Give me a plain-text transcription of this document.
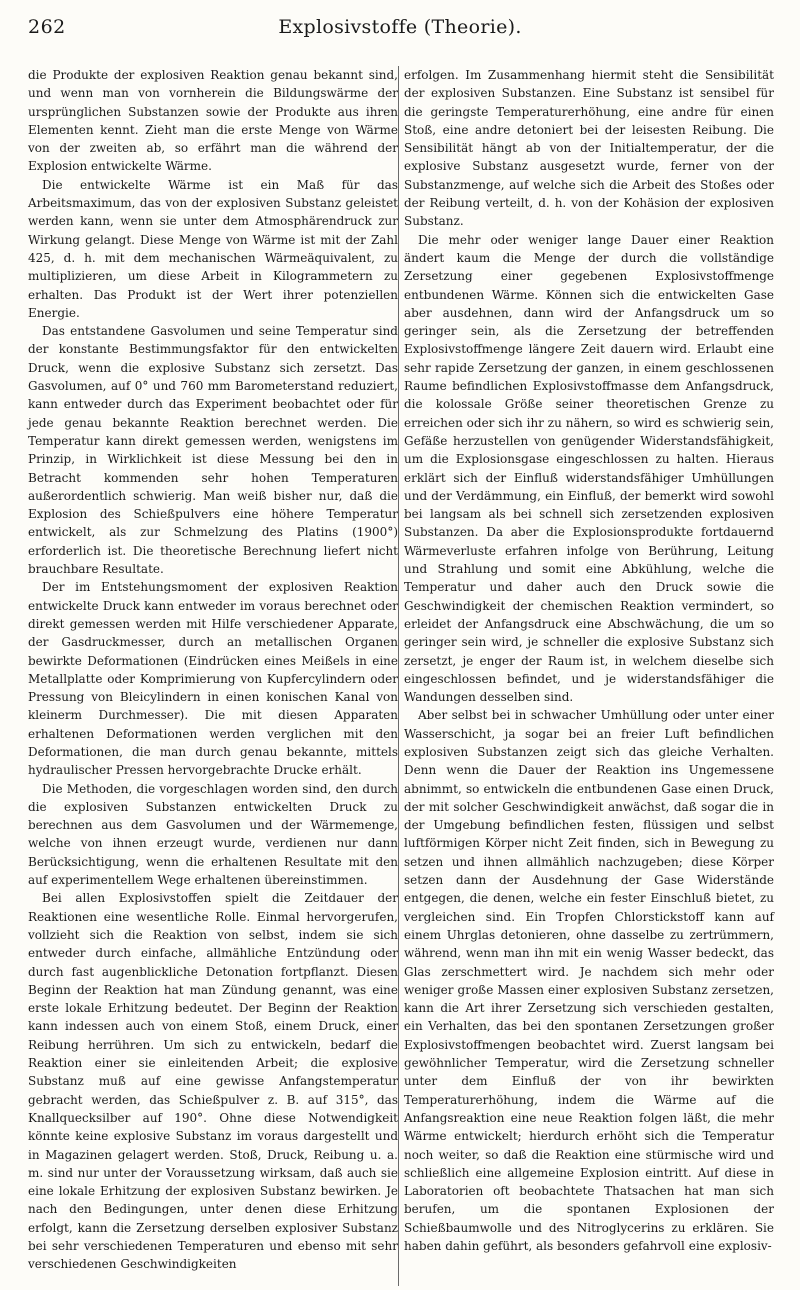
262	Explosivstoffe (Theorie).

die Produkte der explosiven Reaktion genau bekannt sind, und wenn man von vornherein die Bildungswärme der ursprünglichen Substanzen sowie der Produkte aus ihren Elementen kennt. Zieht man die erste Menge von Wärme von der zweiten ab, so erfährt man die während der Explosion entwickelte Wärme.

Die entwickelte Wärme ist ein Maß für das Arbeitsmaximum, das von der explosiven Substanz geleistet werden kann, wenn sie unter dem Atmosphärendruck zur Wirkung gelangt. Diese Menge von Wärme ist mit der Zahl 425, d. h. mit dem mechanischen Wärmeäquivalent, zu multiplizieren, um diese Arbeit in Kilogrammetern zu erhalten. Das Produkt ist der Wert ihrer potenziellen Energie.

Das entstandene Gasvolumen und seine Temperatur sind der konstante Bestimmungsfaktor für den entwickelten Druck, wenn die explosive Substanz sich zersetzt. Das Gasvolumen, auf 0° und 760 mm Barometerstand reduziert, kann entweder durch das Experiment beobachtet oder für jede genau bekannte Reaktion berechnet werden. Die Temperatur kann direkt gemessen werden, wenigstens im Prinzip, in Wirklichkeit ist diese Messung bei den in Betracht kommenden sehr hohen Temperaturen außerordentlich schwierig. Man weiß bisher nur, daß die Explosion des Schießpulvers eine höhere Temperatur entwickelt, als zur Schmelzung des Platins (1900°) erforderlich ist. Die theoretische Berechnung liefert nicht brauchbare Resultate.

Der im Entstehungsmoment der explosiven Reaktion entwickelte Druck kann entweder im voraus berechnet oder direkt gemessen werden mit Hilfe verschiedener Apparate, der Gasdruckmesser, durch an metallischen Organen bewirkte Deformationen (Eindrücken eines Meißels in eine Metallplatte oder Komprimierung von Kupfercylindern oder Pressung von Bleicylindern in einen konischen Kanal von kleinerm Durchmesser). Die mit diesen Apparaten erhaltenen Deformationen werden verglichen mit den Deformationen, die man durch genau bekannte, mittels hydraulischer Pressen hervorgebrachte Drucke erhält.

Die Methoden, die vorgeschlagen worden sind, den durch die explosiven Substanzen entwickelten Druck zu berechnen aus dem Gasvolumen und der Wärmemenge, welche von ihnen erzeugt wurde, verdienen nur dann Berücksichtigung, wenn die erhaltenen Resultate mit den auf experimentellem Wege erhaltenen übereinstimmen.

Bei allen Explosivstoffen spielt die Zeitdauer der Reaktionen eine wesentliche Rolle. Einmal hervorgerufen, vollzieht sich die Reaktion von selbst, indem sie sich entweder durch einfache, allmähliche Entzündung oder durch fast augenblickliche Detonation fortpflanzt. Diesen Beginn der Reaktion hat man Zündung genannt, was eine erste lokale Erhitzung bedeutet. Der Beginn der Reaktion kann indessen auch von einem Stoß, einem Druck, einer Reibung herrühren. Um sich zu entwickeln, bedarf die Reaktion einer sie einleitenden Arbeit; die explosive Substanz muß auf eine gewisse Anfangstemperatur gebracht werden, das Schießpulver z. B. auf 315°, das Knallquecksilber auf 190°. Ohne diese Notwendigkeit könnte keine explosive Substanz im voraus dargestellt und in Magazinen gelagert werden. Stoß, Druck, Reibung u. a. m. sind nur unter der Voraussetzung wirksam, daß auch sie eine lokale Erhitzung der explosiven Substanz bewirken. Je nach den Bedingungen, unter denen diese Erhitzung erfolgt, kann die Zersetzung derselben explosiver Substanz bei sehr verschiedenen Temperaturen und ebenso mit sehr verschiedenen Geschwindigkeiten

erfolgen. Im Zusammenhang hiermit steht die Sensibilität der explosiven Substanzen. Eine Substanz ist sensibel für die geringste Temperaturerhöhung, eine andre für einen Stoß, eine andre detoniert bei der leisesten Reibung. Die Sensibilität hängt ab von der Initialtemperatur, der die explosive Substanz ausgesetzt wurde, ferner von der Substanzmenge, auf welche sich die Arbeit des Stoßes oder der Reibung verteilt, d. h. von der Kohäsion der explosiven Substanz.

Die mehr oder weniger lange Dauer einer Reaktion ändert kaum die Menge der durch die vollständige Zersetzung einer gegebenen Explosivstoffmenge entbundenen Wärme. Können sich die entwickelten Gase aber ausdehnen, dann wird der Anfangsdruck um so geringer sein, als die Zersetzung der betreffenden Explosivstoffmenge längere Zeit dauern wird. Erlaubt eine sehr rapide Zersetzung der ganzen, in einem geschlossenen Raume befindlichen Explosivstoffmasse dem Anfangsdruck, die kolossale Größe seiner theoretischen Grenze zu erreichen oder sich ihr zu nähern, so wird es schwierig sein, Gefäße herzustellen von genügender Widerstandsfähigkeit, um die Explosionsgase eingeschlossen zu halten. Hieraus erklärt sich der Einfluß widerstandsfähiger Umhüllungen und der Verdämmung, ein Einfluß, der bemerkt wird sowohl bei langsam als bei schnell sich zersetzenden explosiven Substanzen. Da aber die Explosionsprodukte fortdauernd Wärmeverluste erfahren infolge von Berührung, Leitung und Strahlung und somit eine Abkühlung, welche die Temperatur und daher auch den Druck sowie die Geschwindigkeit der chemischen Reaktion vermindert, so erleidet der Anfangsdruck eine Abschwächung, die um so geringer sein wird, je schneller die explosive Substanz sich zersetzt, je enger der Raum ist, in welchem dieselbe sich eingeschlossen befindet, und je widerstandsfähiger die Wandungen desselben sind.

Aber selbst bei in schwacher Umhüllung oder unter einer Wasserschicht, ja sogar bei an freier Luft befindlichen explosiven Substanzen zeigt sich das gleiche Verhalten. Denn wenn die Dauer der Reaktion ins Ungemessene abnimmt, so entwickeln die entbundenen Gase einen Druck, der mit solcher Geschwindigkeit anwächst, daß sogar die in der Umgebung befindlichen festen, flüssigen und selbst luftförmigen Körper nicht Zeit finden, sich in Bewegung zu setzen und ihnen allmählich nachzugeben; diese Körper setzen dann der Ausdehnung der Gase Widerstände entgegen, die denen, welche ein fester Einschluß bietet, zu vergleichen sind. Ein Tropfen Chlorstickstoff kann auf einem Uhrglas detonieren, ohne dasselbe zu zertrümmern, während, wenn man ihn mit ein wenig Wasser bedeckt, das Glas zerschmettert wird. Je nachdem sich mehr oder weniger große Massen einer explosiven Substanz zersetzen, kann die Art ihrer Zersetzung sich verschieden gestalten, ein Verhalten, das bei den spontanen Zersetzungen großer Explosivstoffmengen beobachtet wird. Zuerst langsam bei gewöhnlicher Temperatur, wird die Zersetzung schneller unter dem Einfluß der von ihr bewirkten Temperaturerhöhung, indem die Wärme auf die Anfangsreaktion eine neue Reaktion folgen läßt, die mehr Wärme entwickelt; hierdurch erhöht sich die Temperatur noch weiter, so daß die Reaktion eine stürmische wird und schließlich eine allgemeine Explosion eintritt. Auf diese in Laboratorien oft beobachtete Thatsachen hat man sich berufen, um die spontanen Explosionen der Schießbaumwolle und des Nitroglycerins zu erklären. Sie haben dahin geführt, als besonders gefahrvoll eine explosiv-
